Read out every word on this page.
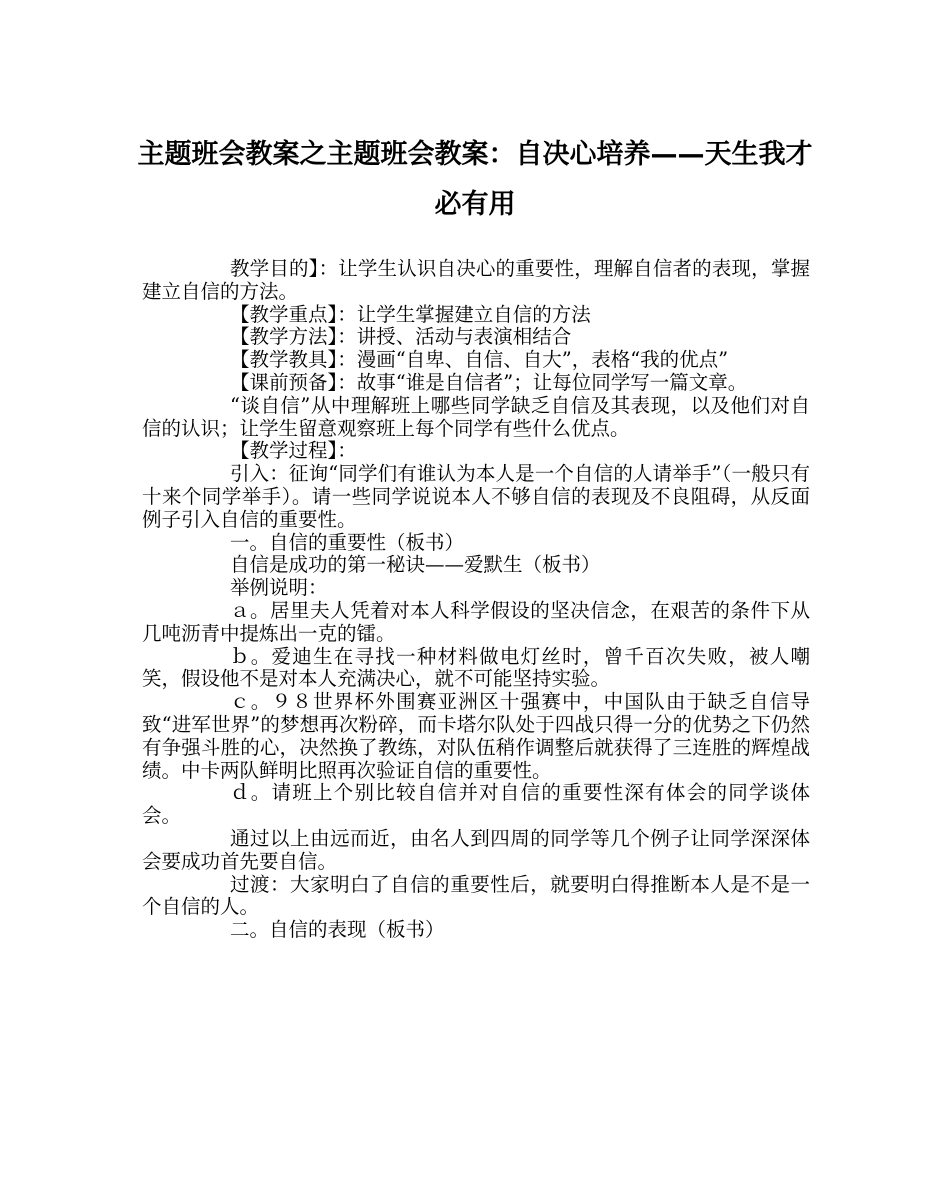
主题班会教案之主题班会教案：自决心培养——天生我才必有用

教学目的】：让学生认识自决心的重要性，理解自信者的表现，掌握建立自信的方法。

【教学重点】：让学生掌握建立自信的方法

【教学方法】：讲授、活动与表演相结合

【教学教具】：漫画“自卑、自信、自大”，表格“我的优点”

【课前预备】：故事“谁是自信者”；让每位同学写一篇文章。

“谈自信”从中理解班上哪些同学缺乏自信及其表现，以及他们对自信的认识；让学生留意观察班上每个同学有些什么优点。

【教学过程】：

引入：征询“同学们有谁认为本人是一个自信的人请举手”（一般只有十来个同学举手）。请一些同学说说本人不够自信的表现及不良阻碍，从反面例子引入自信的重要性。

一。自信的重要性（板书）

自信是成功的第一秘诀——爱默生（板书）

举例说明：

ａ。居里夫人凭着对本人科学假设的坚决信念，在艰苦的条件下从几吨沥青中提炼出一克的镭。

ｂ。爱迪生在寻找一种材料做电灯丝时，曾千百次失败，被人嘲笑，假设他不是对本人充满决心，就不可能坚持实验。

ｃ。９８世界杯外围赛亚洲区十强赛中，中国队由于缺乏自信导致“进军世界”的梦想再次粉碎，而卡塔尔队处于四战只得一分的优势之下仍然有争强斗胜的心，决然换了教练，对队伍稍作调整后就获得了三连胜的辉煌战绩。中卡两队鲜明比照再次验证自信的重要性。

ｄ。请班上个别比较自信并对自信的重要性深有体会的同学谈体会。

通过以上由远而近，由名人到四周的同学等几个例子让同学深深体会要成功首先要自信。

过渡：大家明白了自信的重要性后，就要明白得推断本人是不是一个自信的人。

二。自信的表现（板书）
